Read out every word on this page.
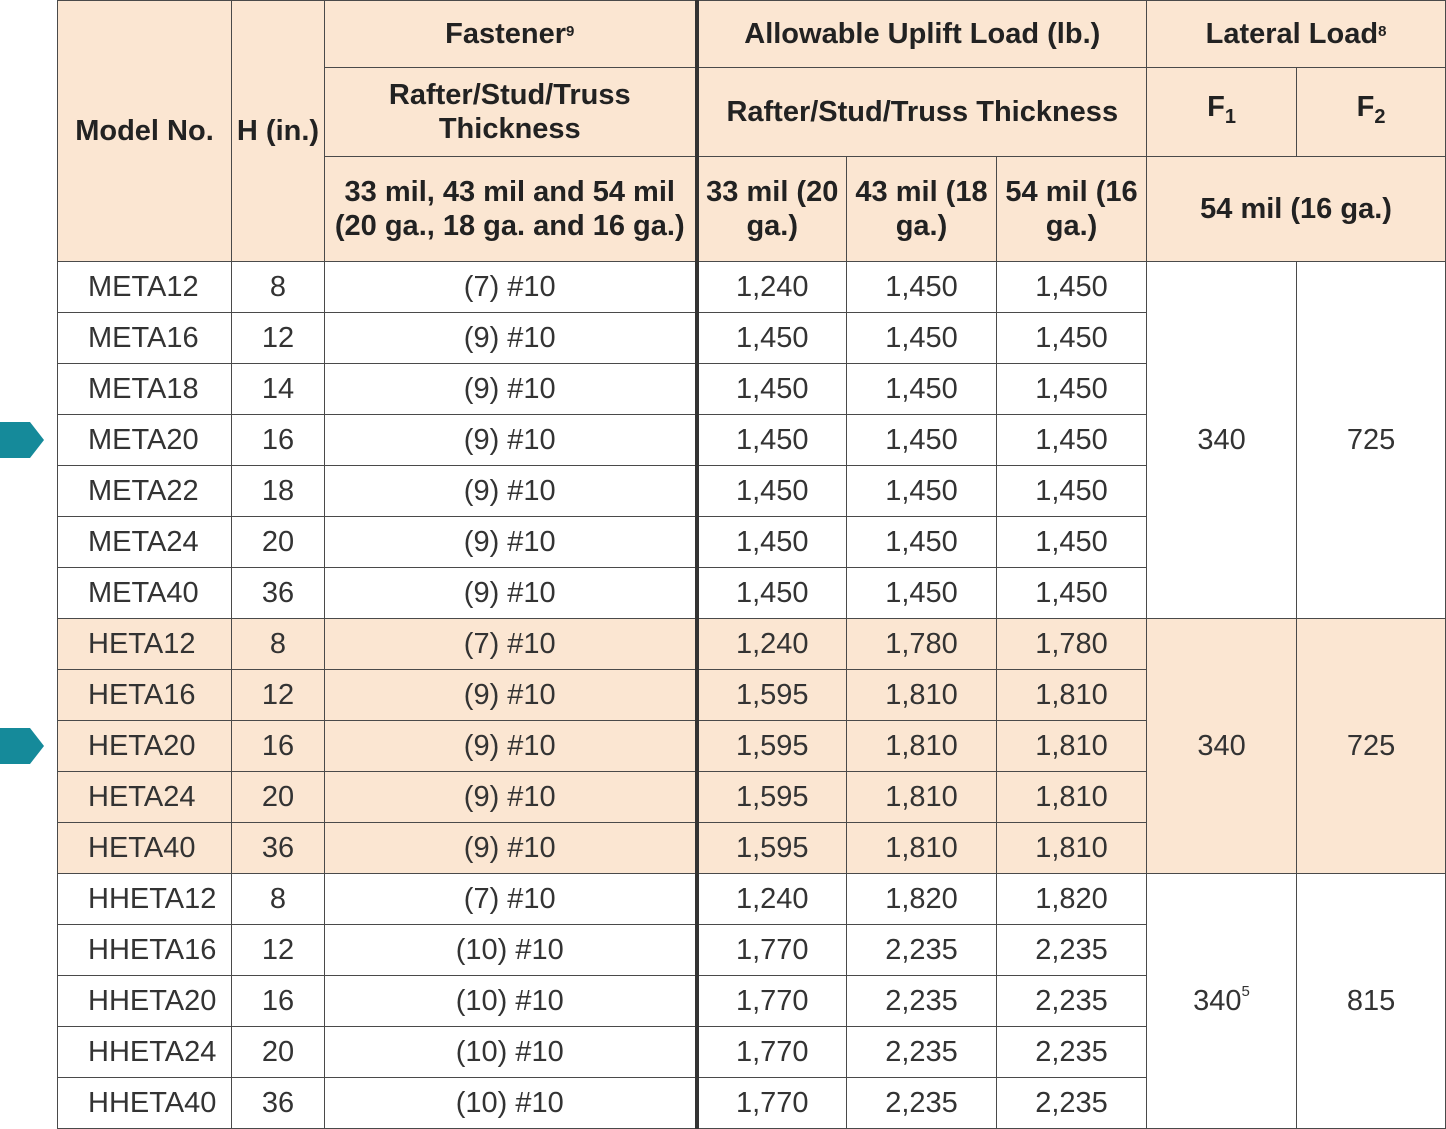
Model No.	H (in.)	Fastener$^9$	Allowable Uplift Load (lb.)			Lateral Load$^8$
		Rafter/Stud/Truss Thickness	Rafter/Stud/Truss Thickness			$F_1$	$F_2$
		33 mil, 43 mil and 54 mil (20 ga., 18 ga. and 16 ga.)	33 mil (20 ga.)	43 mil (18 ga.)	54 mil (16 ga.)	54 mil (16 ga.)	
META12	8	(7) #10	1,240	1,450	1,450	340	725
META16	12	(9) #10	1,450	1,450	1,450		
META18	14	(9) #10	1,450	1,450	1,450		
META20	16	(9) #10	1,450	1,450	1,450		
META22	18	(9) #10	1,450	1,450	1,450		
META24	20	(9) #10	1,450	1,450	1,450		
META40	36	(9) #10	1,450	1,450	1,450		
HETA12	8	(7) #10	1,240	1,780	1,780	340	725
HETA16	12	(9) #10	1,595	1,810	1,810		
HETA20	16	(9) #10	1,595	1,810	1,810		
HETA24	20	(9) #10	1,595	1,810	1,810		
HETA40	36	(9) #10	1,595	1,810	1,810		
HHETA12	8	(7) #10	1,240	1,820	1,820	$340^5$	815
HHETA16	12	(10) #10	1,770	2,235	2,235		
HHETA20	16	(10) #10	1,770	2,235	2,235		
HHETA24	20	(10) #10	1,770	2,235	2,235		
HHETA40	36	(10) #10	1,770	2,235	2,235		
